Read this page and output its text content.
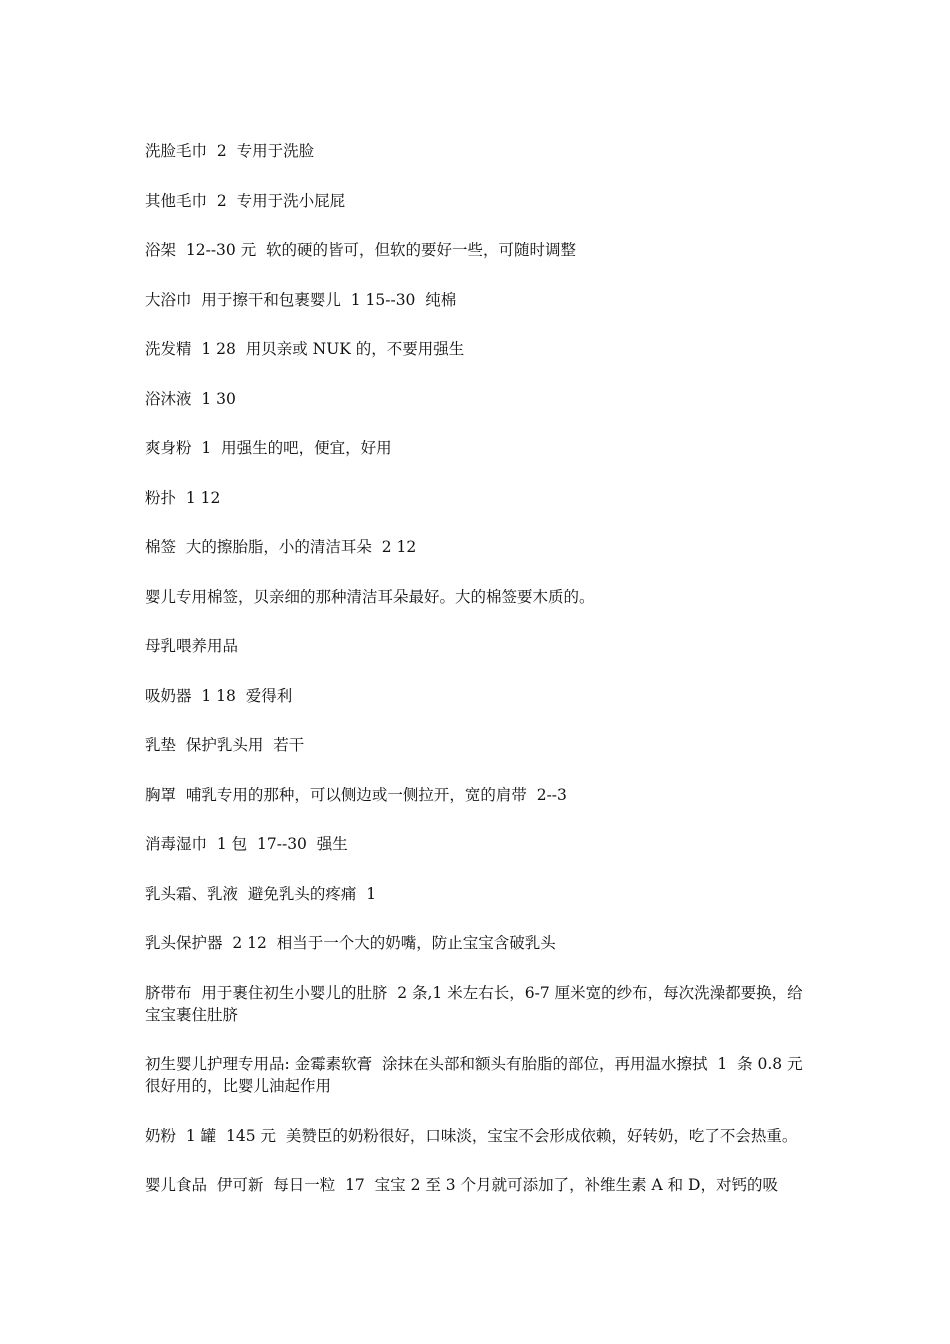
洗脸毛巾  2  专用于洗脸

其他毛巾  2  专用于洗小屁屁

浴架  12--30 元  软的硬的皆可，但软的要好一些，可随时调整

大浴巾  用于擦干和包裹婴儿  1 15--30  纯棉

洗发精  1 28  用贝亲或 NUK 的，不要用强生

浴沐液  1 30

爽身粉  1  用强生的吧，便宜，好用

粉扑  1 12

棉签  大的擦胎脂，小的清洁耳朵  2 12

婴儿专用棉签，贝亲细的那种清洁耳朵最好。大的棉签要木质的。

母乳喂养用品

吸奶器  1 18  爱得利

乳垫  保护乳头用  若干

胸罩  哺乳专用的那种，可以侧边或一侧拉开，宽的肩带  2--3

消毒湿巾  1 包  17--30  强生

乳头霜、乳液  避免乳头的疼痛  1

乳头保护器  2 12  相当于一个大的奶嘴，防止宝宝含破乳头

脐带布  用于裹住初生小婴儿的肚脐  2 条,1 米左右长，6-7 厘米宽的纱布，每次洗澡都要换，给宝宝裹住肚脐

初生婴儿护理专用品: 金霉素软膏  涂抹在头部和额头有胎脂的部位，再用温水擦拭  1  条 0.8 元  很好用的，比婴儿油起作用

奶粉  1 罐  145 元  美赞臣的奶粉很好，口味淡，宝宝不会形成依赖，好转奶，吃了不会热重。

婴儿食品  伊可新  每日一粒  17  宝宝 2 至 3 个月就可添加了，补维生素 A 和 D，对钙的吸
